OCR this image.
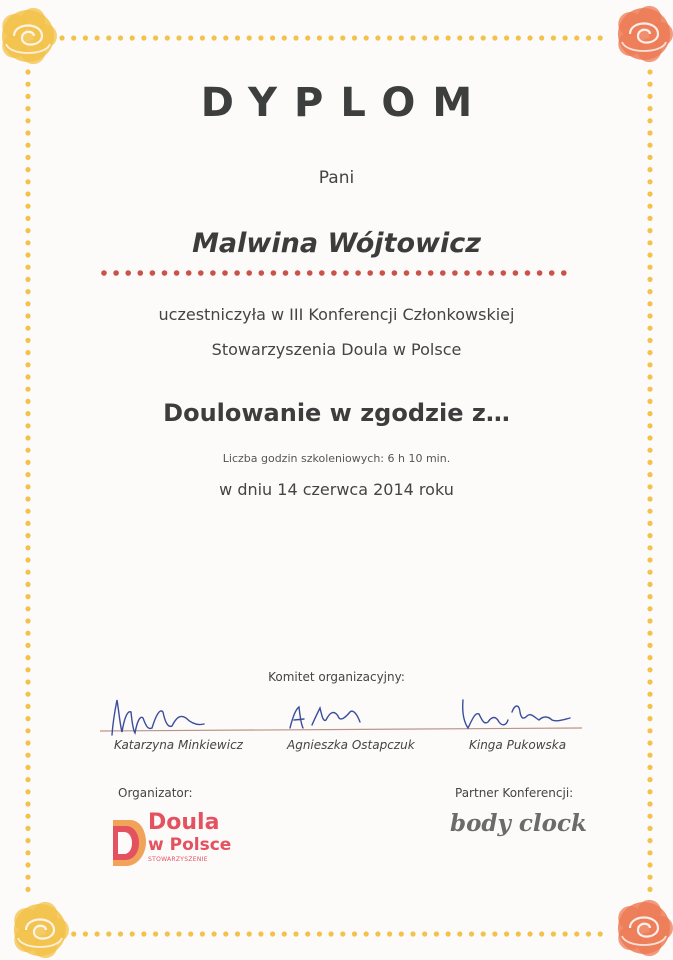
DYPLOM
Pani
Malwina Wójtowicz
uczestniczyła w III Konferencji Członkowskiej
Stowarzyszenia Doula w Polsce
Doulowanie w zgodzie z…
Liczba godzin szkoleniowych: 6 h 10 min.
w dniu 14 czerwca 2014 roku
Komitet organizacyjny:
Katarzyna Minkiewicz	Agnieszka Ostapczuk	Kinga Pukowska
Organizator:	Partner Konferencji:
Doula
w Polsce
STOWARZYSZENIE
body clock
